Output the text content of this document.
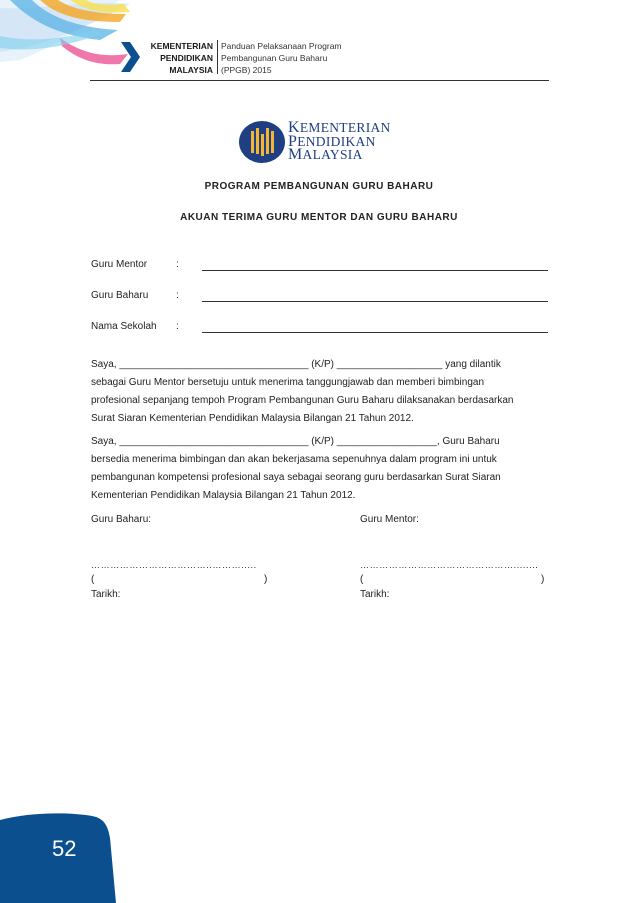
KEMENTERIAN
PENDIDIKAN
MALAYSIA
Panduan Pelaksanaan Program
Pembangunan Guru Baharu
(PPGB) 2015
KEMENTERIAN
PENDIDIKAN
MALAYSIA
PROGRAM PEMBANGUNAN GURU BAHARU
AKUAN TERIMA GURU MENTOR DAN GURU BAHARU
Guru Mentor	:
Guru Baharu	:
Nama Sekolah :
Saya, __________________________________ (K/P) ___________________ yang dilantik
sebagai Guru Mentor bersetuju untuk menerima tanggungjawab dan memberi bimbingan
profesional sepanjang tempoh Program Pembangunan Guru Baharu dilaksanakan berdasarkan
Surat Siaran Kementerian Pendidikan Malaysia Bilangan 21 Tahun 2012.
Saya, __________________________________ (K/P) __________________, Guru Baharu
bersedia menerima bimbingan dan akan bekerjasama sepenuhnya dalam program ini untuk
pembangunan kompetensi profesional saya sebagai seorang guru berdasarkan Surat Siaran
Kementerian Pendidikan Malaysia Bilangan 21 Tahun 2012.
Guru Baharu:	Guru Mentor:
………………………………..……….....	…………………………………………........
(	)	(	)
Tarikh:	Tarikh:
52
